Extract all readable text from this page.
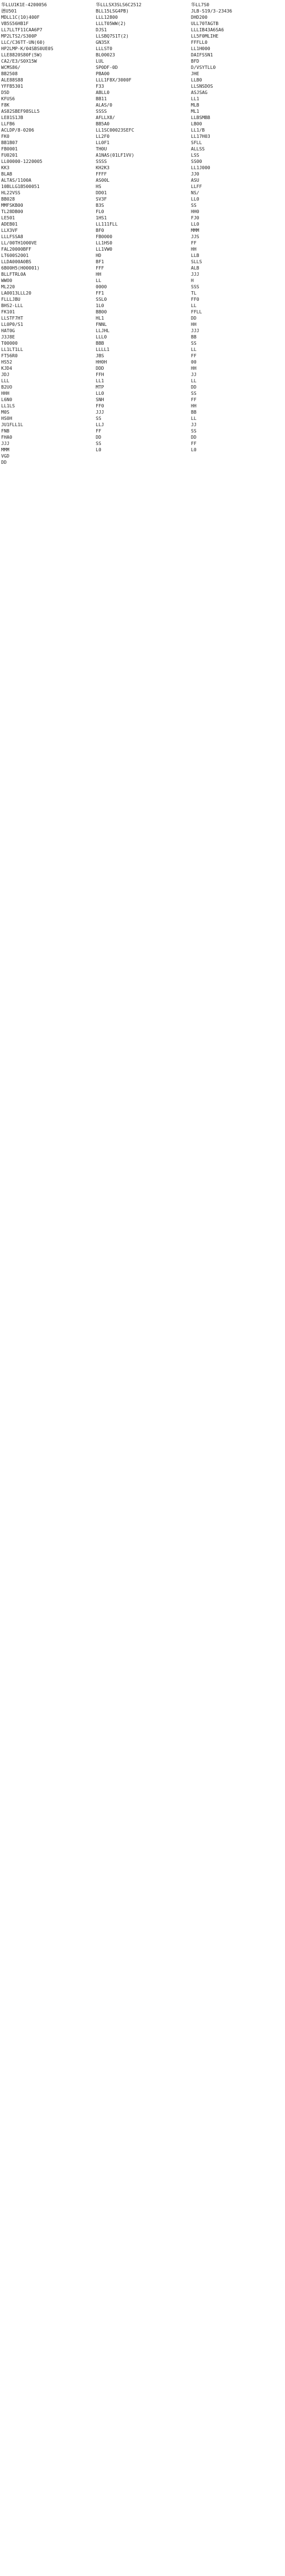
华LLU1K1E-4200056
德U501
MDLL1C(10)400F
VB5S56HB1F
LL7LLTF11CAA6P7
MP2LTS2/S300P
LLC/C36TT-UN(60)
HP2LMP-K/04SBS0UE0S
LLE8820S80F(5W)
CA2/E3/S0X15W
WCMS86/
BB2508
ALE88S88
YFFB5301
D5D
KFUS6
F8K
AS82SBEF98SLL5
LE81S1JB
LLFB6
ACLDP/8-0206
FK0
BB1B07
FB0001
FU0201
LL00000-1220005
KK3
BLAB
ALTAS/1100A
10BLLG1B500051
HL22VSS
BB028
MMFSKB00
TL28DB00
LE501
ADEB01
LLX3VF
LLLFSSA8
LL/00TH1000VE
FAL20000BFF
LT600S2001
LLDA000A0BS
6B00H5(H00001)
BLLFTRL0A
WWO0
ML220
LA0013LLL20
FLLLJBU
BHS2-LLL
FK101
LLSTF7HT
LL0P0/S1
HAT0G
J3J8E
T00000
LL1LT1LL
FT56R0
HS52
KJD4
JDJ
LLL
B2UO
HHH
L6N0
LL1LS
M0S
HS0H
JU1FLL1L
FNB
FHA0
JJJ
MMM
VGD
DD
华LLLSX3SLS6C2512
BLL15LSG4PB)
LLL12800
LLLT05WW(2)
DJS1
LLSBQ7S1T(2)
GN35X
LLLST0
BL00023
LUL
SP0DF-0D
PBA00
LLL1F8X/3000F
F33
ABLL0
BB11
ALAS/0
SSSS
AFLLX8/
BB5A0
LL1SC00023SEFC
LL2F0
LL0F1
TH0U
A1NAS(01LF1VV)
SSSS
KH2K3
FFFF
AS00L
HS
DD01
SV3F
B3S
FL0
1HS1
LL111FLL
BF0
FB0000
LL1HS0
LL1VW0
HD
BF1
FFF
HH
LL
0000
FF1
SSL0
1L0
BB00
HL1
FNNL
LLJHL
LLL0
BBB
LLLL1
JBS
HH0H
DDD
FFH
LL1
MTP
LL0
SNH
FF0
JJJ
SS
LLJ
FF
DD
SS
L0
华LL7S0
JLB-S19/3-23436
DHD200
ULL70TAGTB
LLLIB43A6SA6
LL5F0MLIHE
FFFLL0
LL1H000
DAIFSSN1
BFD
D/VSYTLL0
JHE
LLB0
LLSNSDOS
ASJSAG
LL1
MLB
ML1
LLBSMBB
LB00
LL1/B
LL17H03
SFLL
ALLSS
LSS
SS00
LL1J000
JJ0
ASU
LLFF
NS/
LL0
SS
HH0
FJ0
LL0
MMM
JJS
FF
HH
LLB
SLLS
ALB
JJJ
H
SSS
TL
FF0
LL
FFLL
DD
HH
JJJ
BB
SS
LL
FF
00
HH
JJ
LL
DD
SS
FF
HH
BB
LL
JJ
SS
DD
FF
L0
